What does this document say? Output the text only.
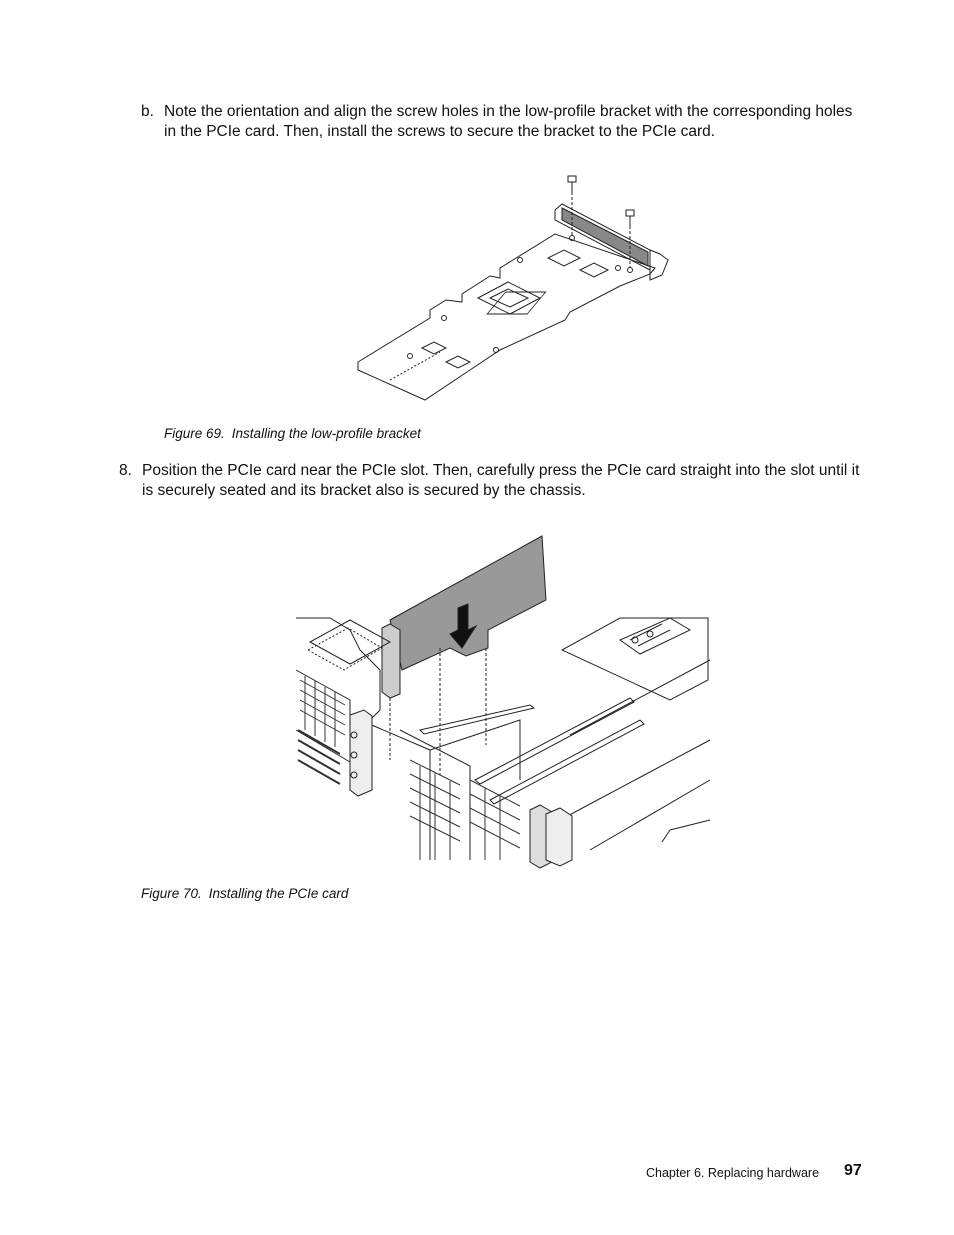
b. Note the orientation and align the screw holes in the low-profile bracket with the corresponding holes in the PCIe card. Then, install the screws to secure the bracket to the PCIe card.
Figure 69. Installing the low-profile bracket
8. Position the PCIe card near the PCIe slot. Then, carefully press the PCIe card straight into the slot until it is securely seated and its bracket also is secured by the chassis.
Figure 70. Installing the PCIe card
Chapter 6. Replacing hardware 97
